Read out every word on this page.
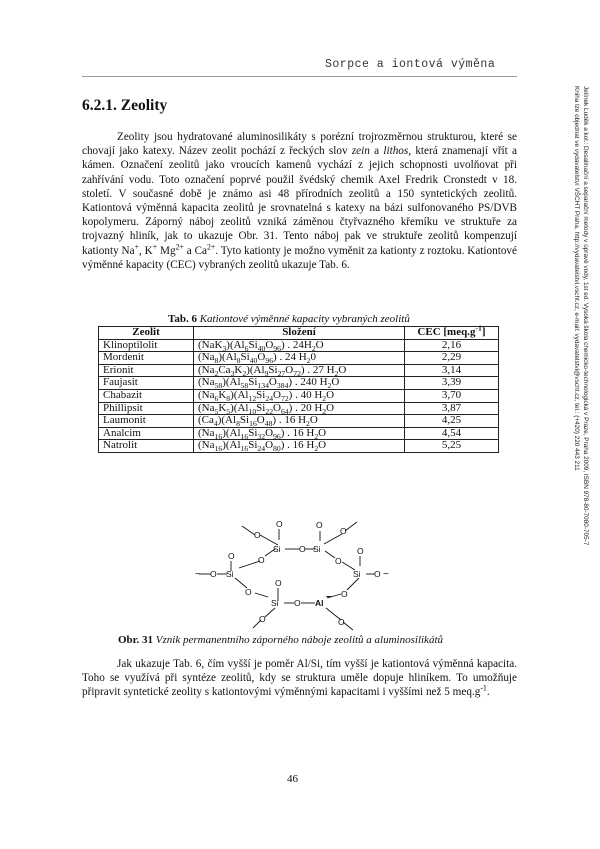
Sorpce a iontová výměna
6.2.1. Zeolity

Zeolity jsou hydratované aluminosilikáty s porézní trojrozměrnou strukturou, které se chovají jako katexy. Název zeolit pochází z řeckých slov zein a lithos, která znamenají vřít a kámen. Označení zeolitů jako vroucích kamenů vychází z jejich schopnosti uvolňovat při zahřívání vodu. Toto označení poprvé použil švédský chemik Axel Fredrik Cronstedt v 18. století. V současné době je známo asi 48 přírodních zeolitů a 150 syntetických zeolitů. Kationtová výměnná kapacita zeolitů je srovnatelná s katexy na bázi sulfonovaného PS/DVB kopolymeru. Záporný náboj zeolitů vzniká záměnou čtyřvazného křemíku ve struktuře za trojvazný hliník, jak to ukazuje Obr. 31. Tento náboj pak ve struktuře zeolitů kompenzují kationty Na+, K+ $Mg^{2+}$ a $Ca^{2+}$. Tyto kationty je možno vyměnit za kationty z roztoku. Kationtové výměnné kapacity (CEC) vybraných zeolitů ukazuje Tab. 6.

Tab. 6 Kationtové výměnné kapacity vybraných zeolitů
Zeolit	Složení	CEC $[meq.g^{-1}]$
Klinoptilolit	$(NaK_3)(Al_6Si_{40}O_{96})$ . $24H_2O$	2,16
Mordenit	$(Na_8)(Al_8Si_{40}O_{96})$ . 24 $H_20$	2,29
Erionit	$(Na_2Ca_3K_2)(Al_9Si_{27}O_{72})$ . 27 $H_2O$	3,14
Faujasit	$(Na_{58})(Al_{58}Si_{134}O_{384})$ . 240 $H_2O$	3,39
Chabazit	$(Na_6K_8)(Al_{12}Si_{24}O_{72})$ . 40 $H_2O$	3,70
Phillipsit	$(Na_5K_5)(Al_{10}Si_{22}O_{64})$ . 20 $H_2O$	3,87
Laumonit	$(Ca_4)(Al_8Si_{16}O_{48})$ . 16 $H_2O$	4,25
Analcim	$(Na_{16})(Al_{16}Si_{32}O_{96})$ . 16 $H_2O$	4,54
Natrolit	$(Na_{16})(Al_{16}Si_{24}O_{80})$ . 16 $H_2O$	5,25
Si	Si
Si	Si
Si	Al −
O
O
O
O
O
O	O
O	O
O	O
O	O
O
O
O	O
−
−
Obr. 31 Vznik permanentního záporného náboje zeolitů a aluminosilikátů

Jak ukazuje Tab. 6, čím vyšší je poměr Al/Si, tím vyšší je kationtová výměnná kapacita. Toho se využívá při syntéze zeolitů, kdy se struktura uměle dopuje hliníkem. To umožňuje připravit syntetické zeolity s kationtovými výměnnými kapacitami i vyššími než 5 $meq.g^{-1}$.

46
Jelínek Luděk a kol.: Desalinační a separační metody v úpravě vody, 1st ed. Vysoká škola chemicko-technologická v Praze, Praha 2009, ISBN 978-80-7080-705-7
Kniha lze objednat ve vydavatelství VŠCHT Praha, http://vydavatelstvi.vscht.cz, e-mail: vydavatelstvi@vscht.cz, tel.: (+420) 220 443 211
